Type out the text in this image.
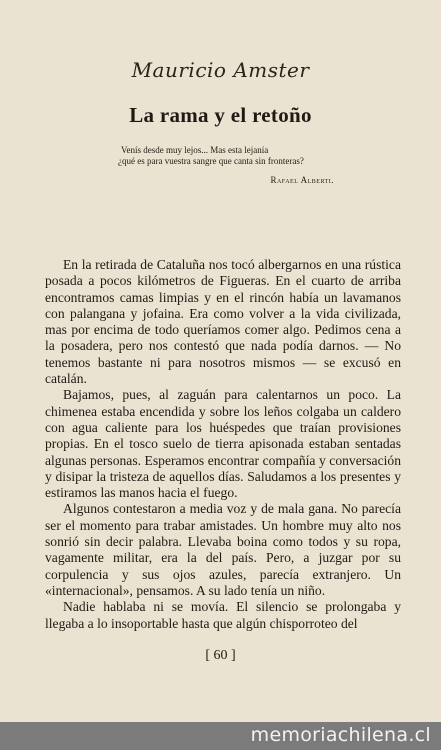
Mauricio Amster
La rama y el retoño
Venís desde muy lejos... Mas esta lejanía
¿qué es para vuestra sangre que canta sin fronteras?
Rafael Alberti.

En la retirada de Cataluña nos tocó albergarnos en una rústica posada a pocos kilómetros de Figueras. En el cuarto de arriba encontramos camas limpias y en el rincón había un lavamanos con palangana y jofaina. Era como volver a la vida civilizada, mas por encima de todo queríamos comer algo. Pedimos cena a la posadera, pero nos contestó que nada podía darnos. — No tenemos bastante ni para nosotros mismos — se excusó en catalán.

Bajamos, pues, al zaguán para calentarnos un poco. La chimenea estaba encendida y sobre los leños colgaba un caldero con agua caliente para los huéspedes que traían provisiones propias. En el tosco suelo de tierra apisonada estaban sentadas algunas personas. Esperamos encontrar compañía y conversación y disipar la tristeza de aquellos días. Saludamos a los presentes y estiramos las manos hacia el fuego.

Algunos contestaron a media voz y de mala gana. No parecía ser el momento para trabar amistades. Un hombre muy alto nos sonrió sin decir palabra. Llevaba boina como todos y su ropa, vagamente militar, era la del país. Pero, a juzgar por su corpulencia y sus ojos azules, parecía extranjero. Un «internacional», pensamos. A su lado tenía un niño.

Nadie hablaba ni se movía. El silencio se prolongaba y llegaba a lo insoportable hasta que algún chisporroteo del

[ 60 ]
memoriachilena.cl
